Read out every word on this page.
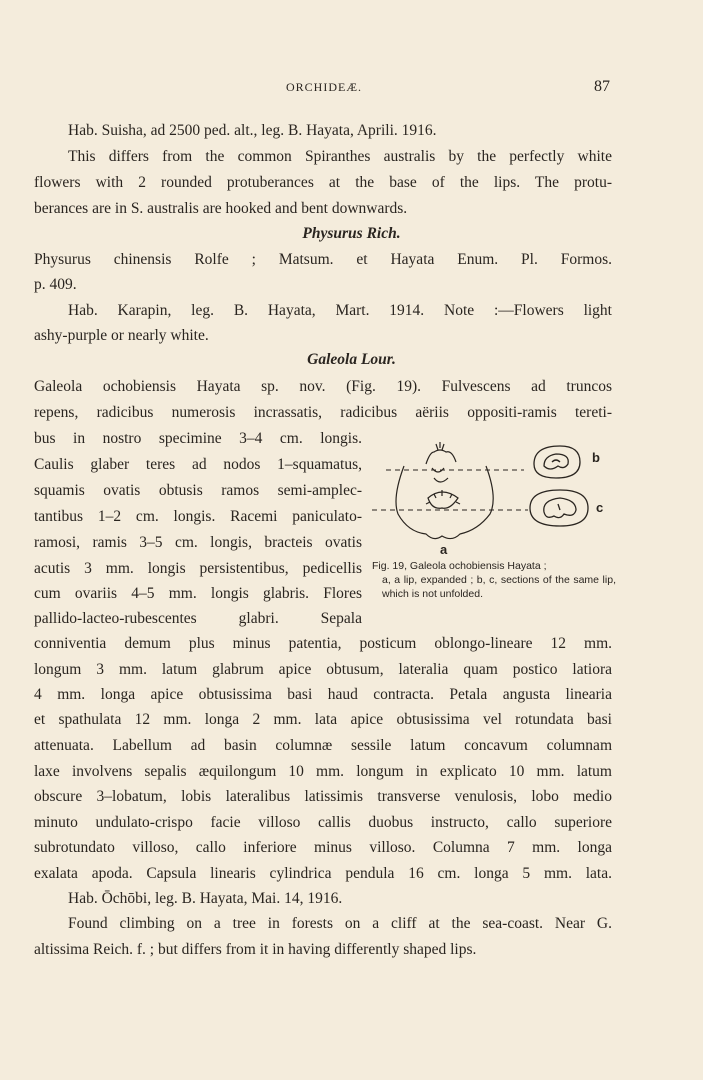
ORCHIDEÆ.	87
Hab. Suisha, ad 2500 ped. alt., leg. B. Hayata, Aprili. 1916.
This differs from the common Spiranthes australis by the perfectly white
flowers with 2 rounded protuberances at the base of the lips. The protu-
berances are in S. australis are hooked and bent downwards.
Physurus Rich.
Physurus chinensis Rolfe ; Matsum. et Hayata Enum. Pl. Formos.
p. 409.
Hab. Karapin, leg. B. Hayata, Mart. 1914. Note :—Flowers light
ashy-purple or nearly white.
Galeola Lour.
Galeola ochobiensis Hayata sp. nov. (Fig. 19). Fulvescens ad truncos
repens, radicibus numerosis incrassatis, radicibus aëriis oppositi-ramis tereti-
bus in nostro specimine 3–4 cm. longis.
Caulis glaber teres ad nodos 1–squamatus,
squamis ovatis obtusis ramos semi-amplec-
tantibus 1–2 cm. longis. Racemi paniculato-
ramosi, ramis 3–5 cm. longis, bracteis ovatis
acutis 3 mm. longis persistentibus, pedicellis
cum ovariis 4–5 mm. longis glabris. Flores
pallido-lacteo-rubescentes glabri. Sepala
conniventia demum plus minus patentia, posticum oblongo-lineare 12 mm.
longum 3 mm. latum glabrum apice obtusum, lateralia quam postico latiora
4 mm. longa apice obtusissima basi haud contracta. Petala angusta linearia
et spathulata 12 mm. longa 2 mm. lata apice obtusissima vel rotundata basi
attenuata. Labellum ad basin columnæ sessile latum concavum columnam
laxe involvens sepalis æquilongum 10 mm. longum in explicato 10 mm. latum
obscure 3–lobatum, lobis lateralibus latissimis transverse venulosis, lobo medio
minuto undulato-crispo facie villoso callis duobus instructo, callo superiore
subrotundato villoso, callo inferiore minus villoso. Columna 7 mm. longa
exalata apoda. Capsula linearis cylindrica pendula 16 cm. longa 5 mm. lata.
Hab. Ōchōbi, leg. B. Hayata, Mai. 14, 1916.
Found climbing on a tree in forests on a cliff at the sea-coast. Near G.
altissima Reich. f. ; but differs from it in having differently shaped lips.
b
c
a
Fig. 19, Galeola ochobiensis Hayata ;
a, a lip, expanded ; b, c, sections of the same lip, which is not unfolded.
